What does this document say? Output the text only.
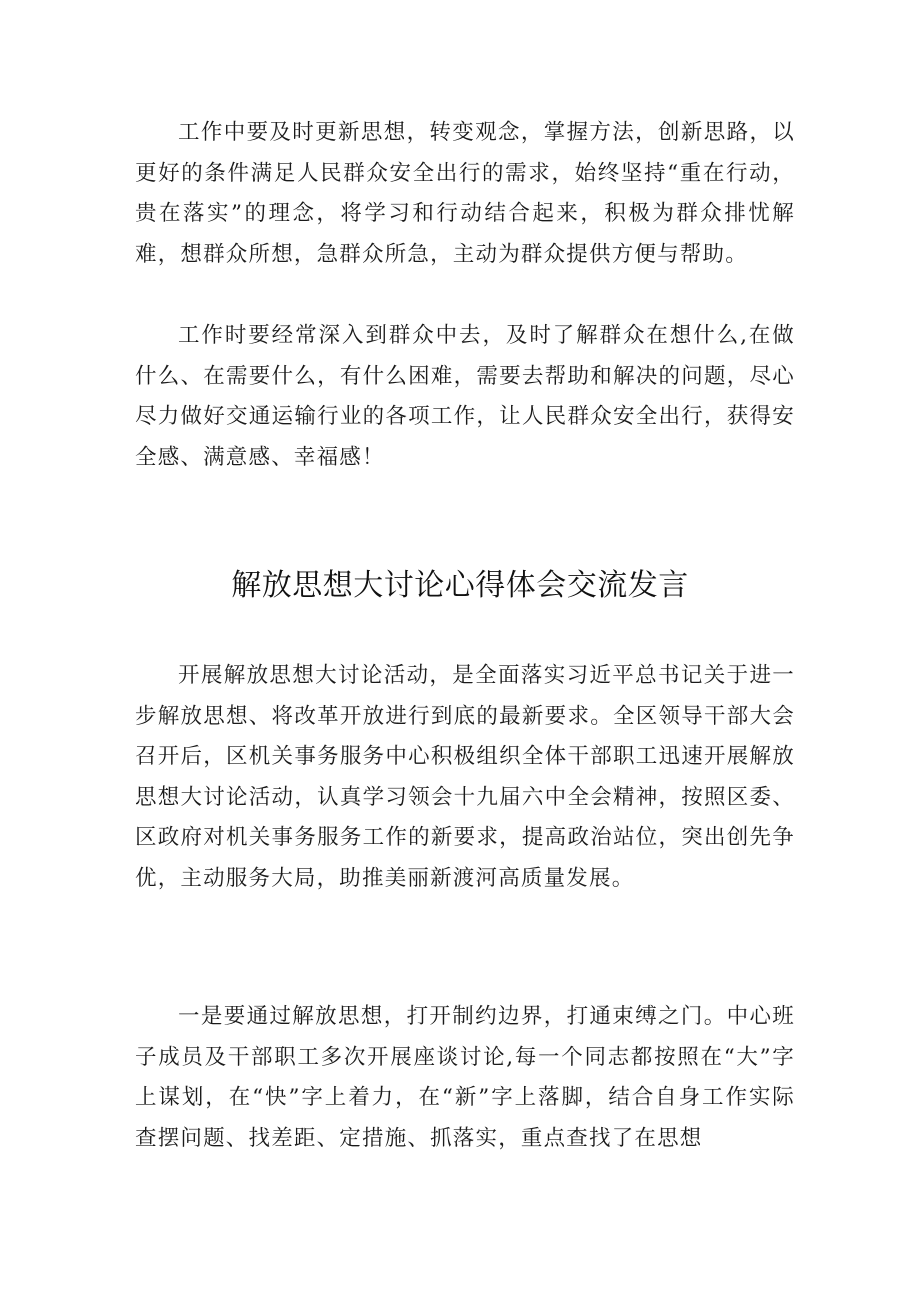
工作中要及时更新思想，转变观念，掌握方法，创新思路，以更好的条件满足人民群众安全出行的需求，始终坚持“重在行动，贵在落实”的理念，将学习和行动结合起来，积极为群众排忧解难，想群众所想，急群众所急，主动为群众提供方便与帮助。

工作时要经常深入到群众中去，及时了解群众在想什么,在做什么、在需要什么，有什么困难，需要去帮助和解决的问题，尽心尽力做好交通运输行业的各项工作，让人民群众安全出行，获得安全感、满意感、幸福感！

解放思想大讨论心得体会交流发言

开展解放思想大讨论活动，是全面落实习近平总书记关于进一步解放思想、将改革开放进行到底的最新要求。全区领导干部大会召开后，区机关事务服务中心积极组织全体干部职工迅速开展解放思想大讨论活动，认真学习领会十九届六中全会精神，按照区委、区政府对机关事务服务工作的新要求，提高政治站位，突出创先争优，主动服务大局，助推美丽新渡河高质量发展。

一是要通过解放思想，打开制约边界，打通束缚之门。中心班子成员及干部职工多次开展座谈讨论,每一个同志都按照在“大”字上谋划，在“快”字上着力，在“新”字上落脚，结合自身工作实际查摆问题、找差距、定措施、抓落实，重点查找了在思想
